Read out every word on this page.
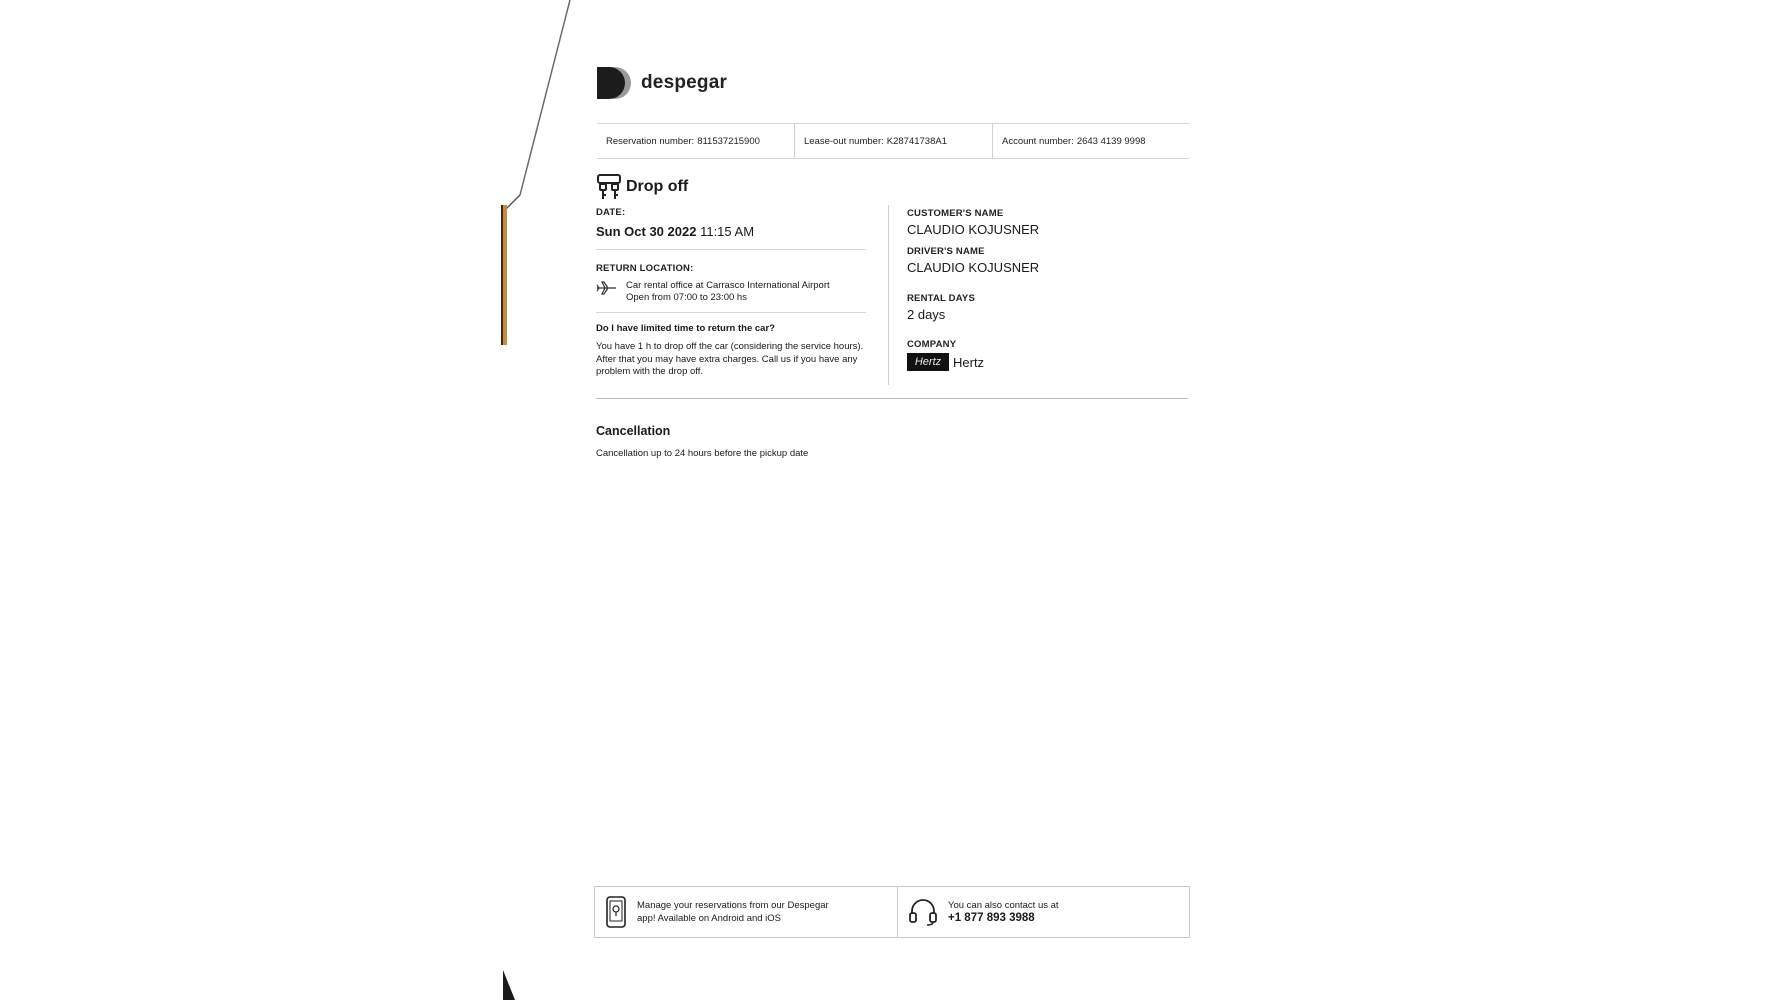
despegar
Reservation number: 811537215900	Lease-out number: K28741738A1	Account number: 2643 4139 9998
Drop off
DATE:
Sun Oct 30 2022 11:15 AM
RETURN LOCATION:
Car rental office at Carrasco International Airport
Open from 07:00 to 23:00 hs
Do I have limited time to return the car?
You have 1 h to drop off the car (considering the service hours).
After that you may have extra charges. Call us if you have any
problem with the drop off.
CUSTOMER'S NAME
CLAUDIO KOJUSNER
DRIVER'S NAME
CLAUDIO KOJUSNER
RENTAL DAYS
2 days
COMPANY
Hertz Hertz
Cancellation
Cancellation up to 24 hours before the pickup date
Manage your reservations from our Despegar
app! Available on Android and iOS
You can also contact us at
+1 877 893 3988
